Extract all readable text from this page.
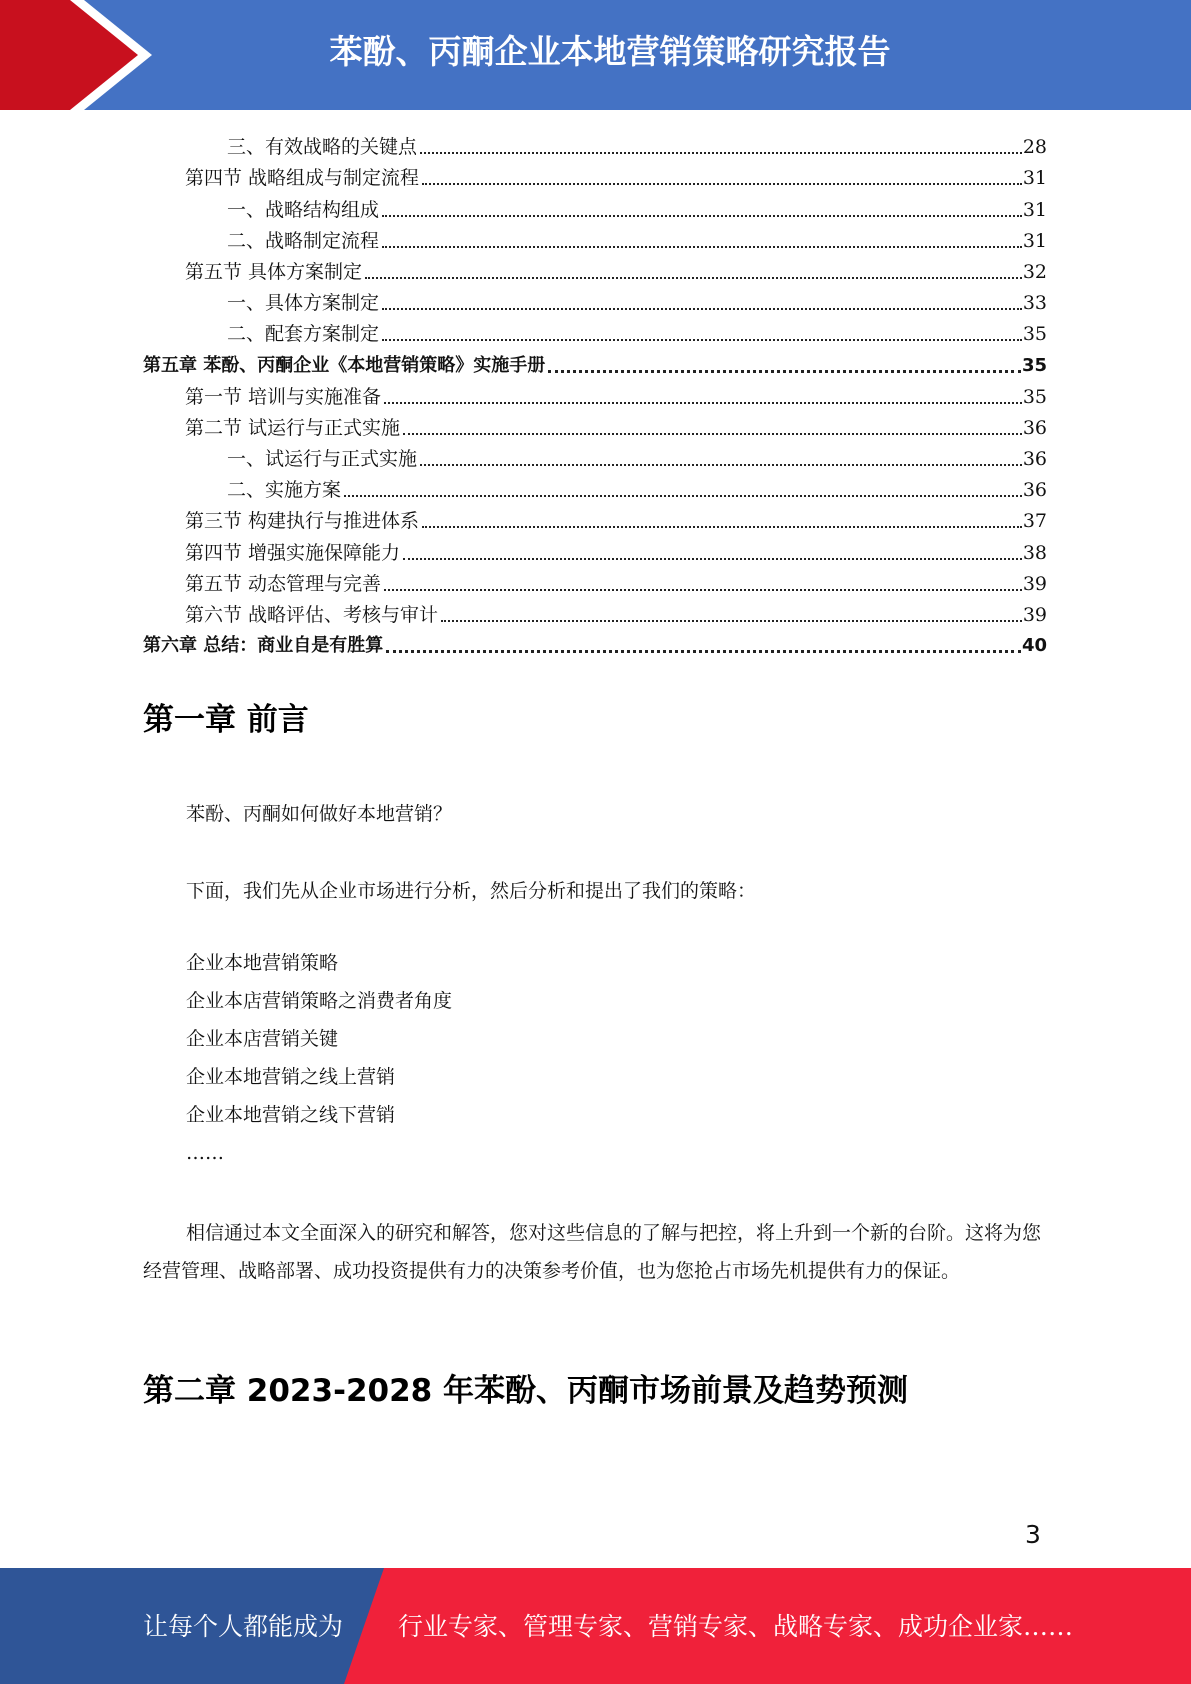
苯酚、丙酮企业本地营销策略研究报告
三、有效战略的关键点	28
第四节 战略组成与制定流程	31
一、战略结构组成	31
二、战略制定流程	31
第五节 具体方案制定	32
一、具体方案制定	33
二、配套方案制定	35
第五章 苯酚、丙酮企业《本地营销策略》实施手册	35
第一节 培训与实施准备	35
第二节 试运行与正式实施	36
一、试运行与正式实施	36
二、实施方案	36
第三节 构建执行与推进体系	37
第四节 增强实施保障能力	38
第五节 动态管理与完善	39
第六节 战略评估、考核与审计	39
第六章 总结：商业自是有胜算	40
第一章 前言
苯酚、丙酮如何做好本地营销？
下面，我们先从企业市场进行分析，然后分析和提出了我们的策略：
企业本地营销策略
企业本店营销策略之消费者角度
企业本店营销关键
企业本地营销之线上营销
企业本地营销之线下营销
……
相信通过本文全面深入的研究和解答，您对这些信息的了解与把控，将上升到一个新的台阶。这将为您经营管理、战略部署、成功投资提供有力的决策参考价值，也为您抢占市场先机提供有力的保证。
第二章 2023-2028 年苯酚、丙酮市场前景及趋势预测
3
让每个人都能成为 行业专家、管理专家、营销专家、战略专家、成功企业家……
